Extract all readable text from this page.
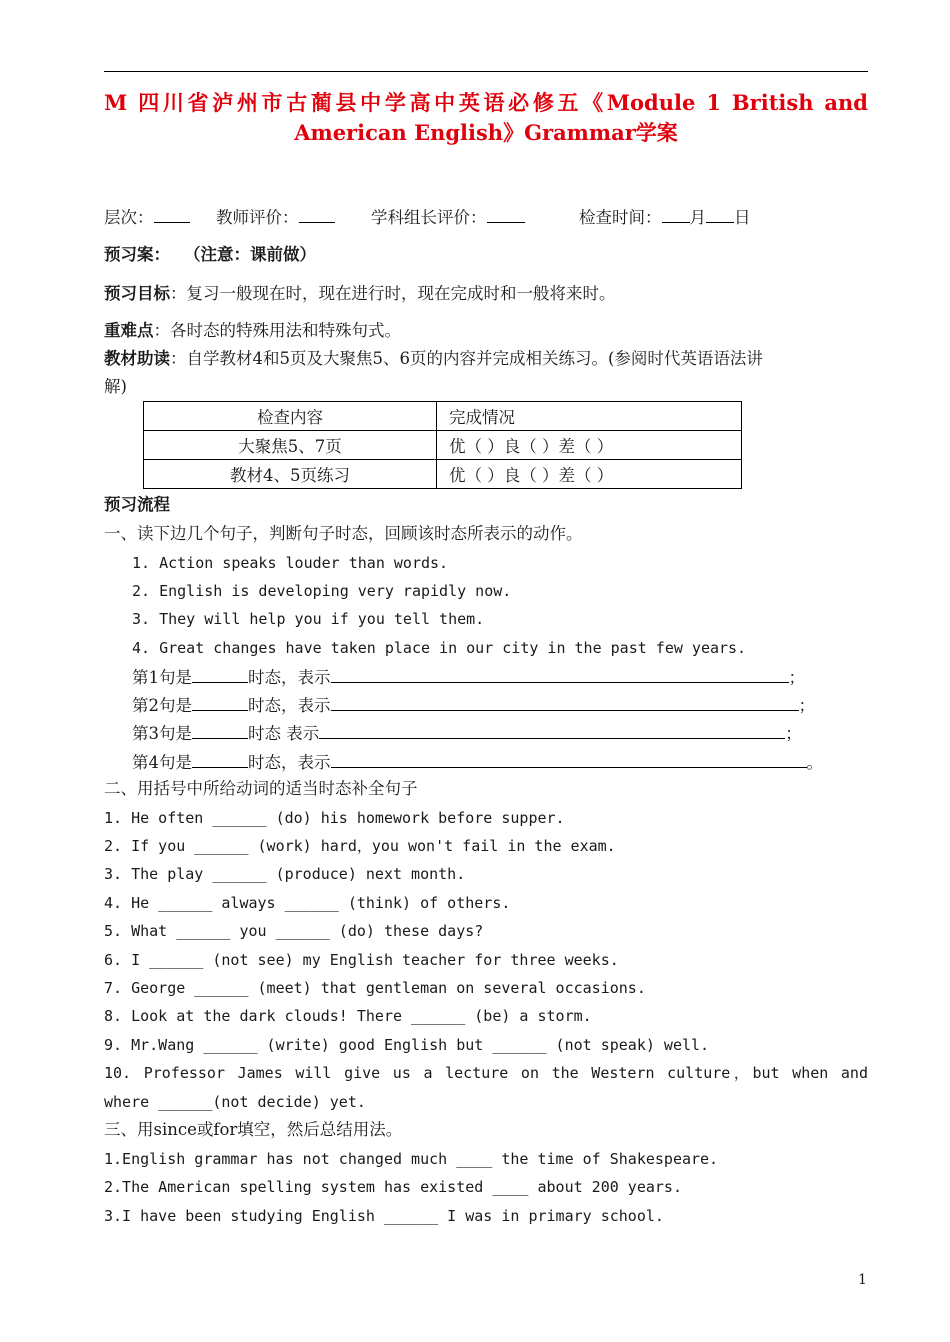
M 四川省泸州市古蔺县中学高中英语必修五《Module 1 British and
American English》Grammar学案
层次：	教师评价：	学科组长评价：	检查时间： 月 日
预习案： （注意：课前做）
预习目标：复习一般现在时，现在进行时，现在完成时和一般将来时。
重难点：各时态的特殊用法和特殊句式。
教材助读：自学教材4和5页及大聚焦5、6页的内容并完成相关练习。(参阅时代英语语法讲
解)
检查内容	完成情况
大聚焦5、7页	优（ ）良（ ）差（ ）
教材4、5页练习	优（ ）良（ ）差（ ）
预习流程
一、读下边几个句子，判断句子时态，回顾该时态所表示的动作。
1. Action speaks louder than words.
2. English is developing very rapidly now.
3. They will help you if you tell them.
4. Great changes have taken place in our city in the past few years.
第1句是	时态，表示	；
第2句是	时态，表示	；
第3句是	时态 表示	；
第4句是	时态，表示	。
二、用括号中所给动词的适当时态补全句子
1. He often ______ (do) his homework before supper.
2. If you ______ (work) hard，you won't fail in the exam.
3. The play ______ (produce) next month.
4. He ______ always ______ (think) of others.
5. What ______ you ______ (do) these days?
6. I ______ (not see) my English teacher for three weeks.
7. George ______ (meet) that gentleman on several occasions.
8. Look at the dark clouds! There ______ (be) a storm.
9. Mr.Wang ______ (write) good English but ______ (not speak) well.
10. Professor James will give us a lecture on the Western culture，but when and
where ______(not decide) yet.
三、用since或for填空，然后总结用法。
1.English grammar has not changed much ____ the time of Shakespeare.
2.The American spelling system has existed ____ about 200 years.
3.I have been studying English ______ I was in primary school.
1
